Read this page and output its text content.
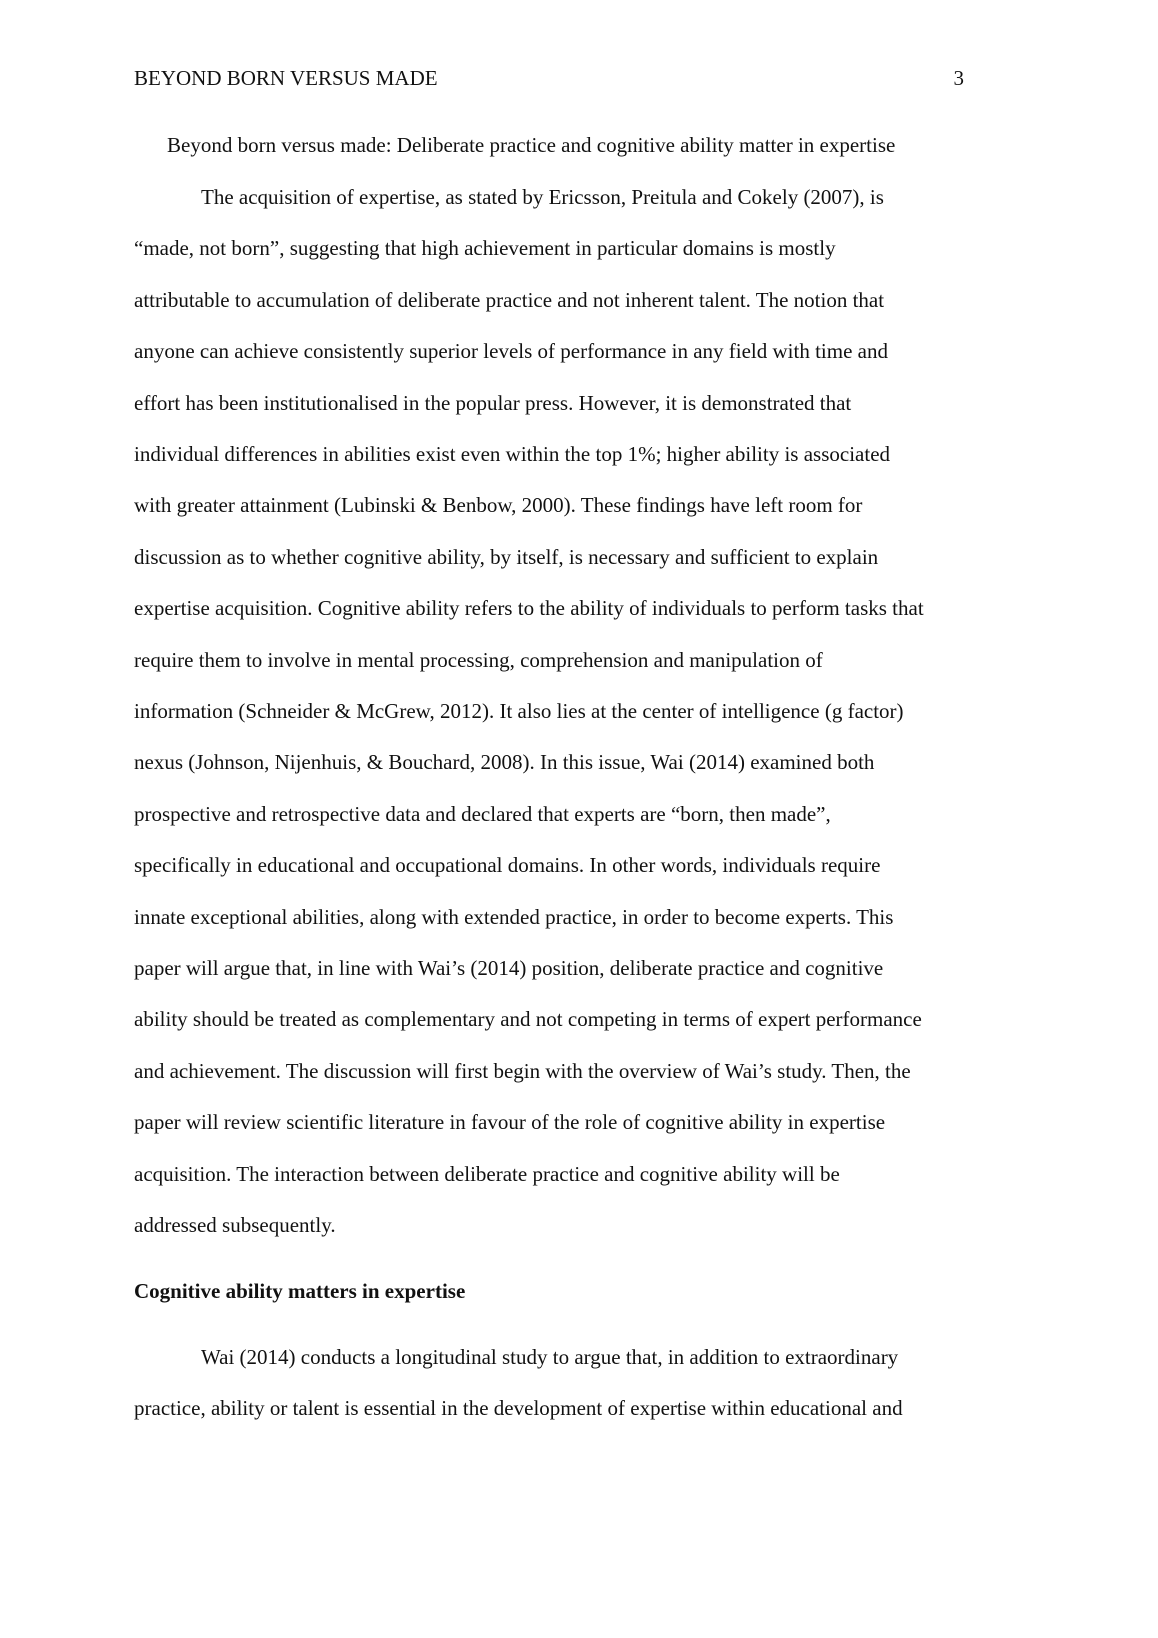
BEYOND BORN VERSUS MADE	3
Beyond born versus made: Deliberate practice and cognitive ability matter in expertise
The acquisition of expertise, as stated by Ericsson, Preitula and Cokely (2007), is
“made, not born”, suggesting that high achievement in particular domains is mostly
attributable to accumulation of deliberate practice and not inherent talent. The notion that
anyone can achieve consistently superior levels of performance in any field with time and
effort has been institutionalised in the popular press. However, it is demonstrated that
individual differences in abilities exist even within the top 1%; higher ability is associated
with greater attainment (Lubinski & Benbow, 2000). These findings have left room for
discussion as to whether cognitive ability, by itself, is necessary and sufficient to explain
expertise acquisition. Cognitive ability refers to the ability of individuals to perform tasks that
require them to involve in mental processing, comprehension and manipulation of
information (Schneider & McGrew, 2012). It also lies at the center of intelligence (g factor)
nexus (Johnson, Nijenhuis, & Bouchard, 2008). In this issue, Wai (2014) examined both
prospective and retrospective data and declared that experts are “born, then made”,
specifically in educational and occupational domains. In other words, individuals require
innate exceptional abilities, along with extended practice, in order to become experts. This
paper will argue that, in line with Wai’s (2014) position, deliberate practice and cognitive
ability should be treated as complementary and not competing in terms of expert performance
and achievement. The discussion will first begin with the overview of Wai’s study. Then, the
paper will review scientific literature in favour of the role of cognitive ability in expertise
acquisition. The interaction between deliberate practice and cognitive ability will be
addressed subsequently.
Cognitive ability matters in expertise
Wai (2014) conducts a longitudinal study to argue that, in addition to extraordinary
practice, ability or talent is essential in the development of expertise within educational and
